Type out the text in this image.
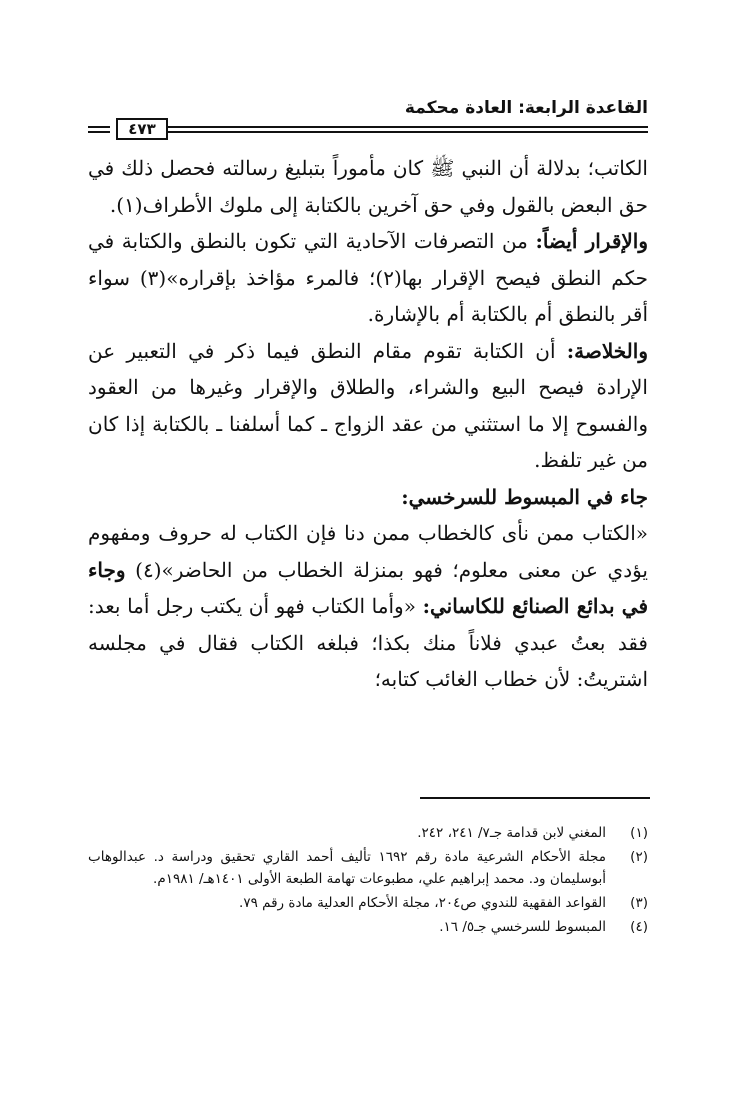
القاعدة الرابعة: العادة محكمة
٤٧٣

الكاتب؛ بدلالة أن النبي ﷺ كان مأموراً بتبليغ رسالته فحصل ذلك في حق البعض بالقول وفي حق آخرين بالكتابة إلى ملوك الأطراف(١).

والإقرار أيضاً: من التصرفات الآحادية التي تكون بالنطق والكتابة في حكم النطق فيصح الإقرار بها(٢)؛ فالمرء مؤاخذ بإقراره»(٣) سواء أقر بالنطق أم بالكتابة أم بالإشارة.

والخلاصة: أن الكتابة تقوم مقام النطق فيما ذكر في التعبير عن الإرادة فيصح البيع والشراء، والطلاق والإقرار وغيرها من العقود والفسوح إلا ما استثني من عقد الزواج ـ كما أسلفنا ـ بالكتابة إذا كان من غير تلفظ.

جاء في المبسوط للسرخسي:

«الكتاب ممن نأى كالخطاب ممن دنا فإن الكتاب له حروف ومفهوم يؤدي عن معنى معلوم؛ فهو بمنزلة الخطاب من الحاضر»(٤) وجاء في بدائع الصنائع للكاساني: «وأما الكتاب فهو أن يكتب رجل أما بعد: فقد بعتُ عبدي فلاناً منك بكذا؛ فبلغه الكتاب فقال في مجلسه اشتريتُ: لأن خطاب الغائب كتابه؛

(١)
المغني لابن قدامة جـ٧/ ٢٤١، ٢٤٢.
(٢)
مجلة الأحكام الشرعية مادة رقم ١٦٩٢ تأليف أحمد القاري تحقيق ودراسة د. عبدالوهاب أبوسليمان ود. محمد إبراهيم علي، مطبوعات تهامة الطبعة الأولى ١٤٠١هـ/ ١٩٨١م.
(٣)
القواعد الفقهية للندوي ص٢٠٤، مجلة الأحكام العدلية مادة رقم ٧٩.
(٤)
المبسوط للسرخسي جـ٥/ ١٦.
